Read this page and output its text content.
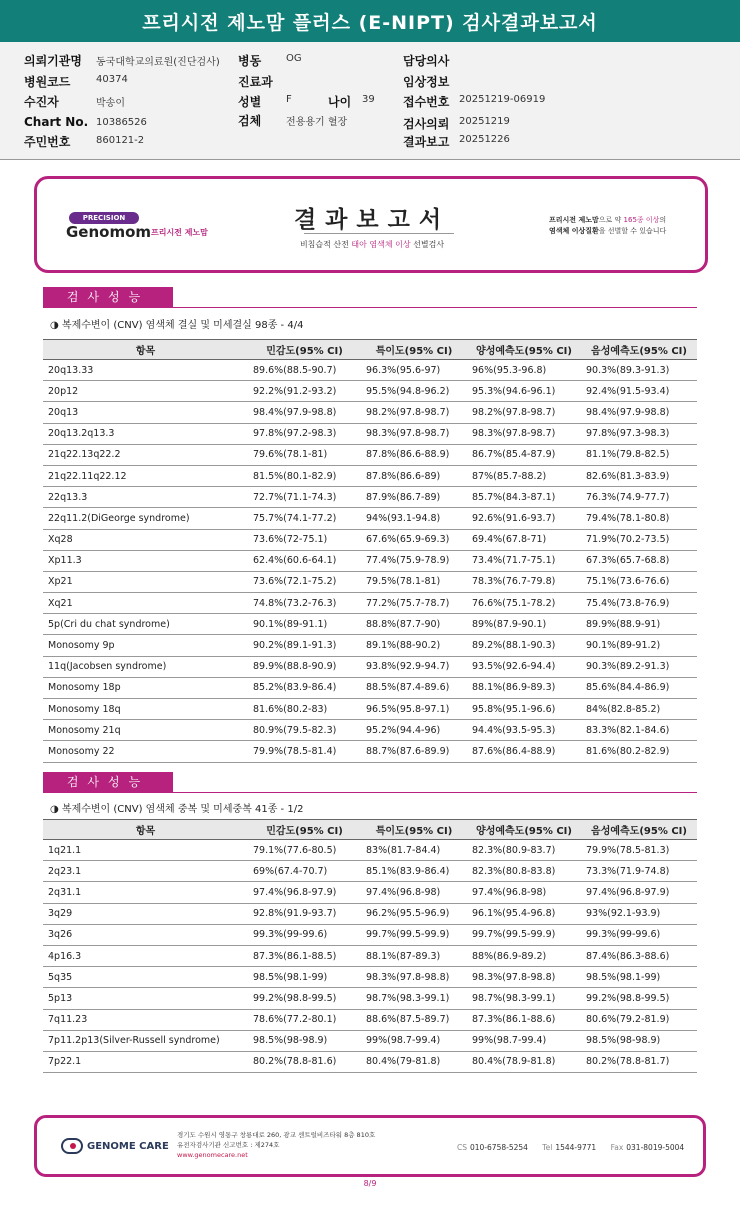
프리시전 제노맘 플러스 (E-NIPT) 검사결과보고서
의뢰기관명 동국대학교의료원(진단검사) 병동 OG	담당의사
병원코드	40374	진료과	임상정보
수진자	박송이	성별 F	나이 39 접수번호 20251219-06919
Chart No. 10386526	검체 전용용기 혈장	검사의뢰 20251219
주민번호	860121-2	결과보고 20251226
PRECISION
Genomom 프리시전 제노맘	결과보고서
비침습적 산전 태아 염색체 이상 선별검사
프리시전 제노맘으로 약 165종 이상의
염색체 이상질환을 선별할 수 있습니다
검사성능
◑ 복제수변이 (CNV) 염색체 결실 및 미세결실 98종 - 4/4
항목	민감도(95% CI)	특이도(95% CI)	양성예측도(95% CI)	음성예측도(95% CI)
20q13.33	89.6%(88.5-90.7)	96.3%(95.6-97)	96%(95.3-96.8)	90.3%(89.3-91.3)
20p12	92.2%(91.2-93.2)	95.5%(94.8-96.2)	95.3%(94.6-96.1)	92.4%(91.5-93.4)
20q13	98.4%(97.9-98.8)	98.2%(97.8-98.7)	98.2%(97.8-98.7)	98.4%(97.9-98.8)
20q13.2q13.3	97.8%(97.2-98.3)	98.3%(97.8-98.7)	98.3%(97.8-98.7)	97.8%(97.3-98.3)
21q22.13q22.2	79.6%(78.1-81)	87.8%(86.6-88.9)	86.7%(85.4-87.9)	81.1%(79.8-82.5)
21q22.11q22.12	81.5%(80.1-82.9)	87.8%(86.6-89)	87%(85.7-88.2)	82.6%(81.3-83.9)
22q13.3	72.7%(71.1-74.3)	87.9%(86.7-89)	85.7%(84.3-87.1)	76.3%(74.9-77.7)
22q11.2(DiGeorge syndrome)	75.7%(74.1-77.2)	94%(93.1-94.8)	92.6%(91.6-93.7)	79.4%(78.1-80.8)
Xq28	73.6%(72-75.1)	67.6%(65.9-69.3)	69.4%(67.8-71)	71.9%(70.2-73.5)
Xp11.3	62.4%(60.6-64.1)	77.4%(75.9-78.9)	73.4%(71.7-75.1)	67.3%(65.7-68.8)
Xp21	73.6%(72.1-75.2)	79.5%(78.1-81)	78.3%(76.7-79.8)	75.1%(73.6-76.6)
Xq21	74.8%(73.2-76.3)	77.2%(75.7-78.7)	76.6%(75.1-78.2)	75.4%(73.8-76.9)
5p(Cri du chat syndrome)	90.1%(89-91.1)	88.8%(87.7-90)	89%(87.9-90.1)	89.9%(88.9-91)
Monosomy 9p	90.2%(89.1-91.3)	89.1%(88-90.2)	89.2%(88.1-90.3)	90.1%(89-91.2)
11q(Jacobsen syndrome)	89.9%(88.8-90.9)	93.8%(92.9-94.7)	93.5%(92.6-94.4)	90.3%(89.2-91.3)
Monosomy 18p	85.2%(83.9-86.4)	88.5%(87.4-89.6)	88.1%(86.9-89.3)	85.6%(84.4-86.9)
Monosomy 18q	81.6%(80.2-83)	96.5%(95.8-97.1)	95.8%(95.1-96.6)	84%(82.8-85.2)
Monosomy 21q	80.9%(79.5-82.3)	95.2%(94.4-96)	94.4%(93.5-95.3)	83.3%(82.1-84.6)
Monosomy 22	79.9%(78.5-81.4)	88.7%(87.6-89.9)	87.6%(86.4-88.9)	81.6%(80.2-82.9)
검사성능
◑ 복제수변이 (CNV) 염색체 중복 및 미세중복 41종 - 1/2
항목	민감도(95% CI)	특이도(95% CI)	양성예측도(95% CI)	음성예측도(95% CI)
1q21.1	79.1%(77.6-80.5)	83%(81.7-84.4)	82.3%(80.9-83.7)	79.9%(78.5-81.3)
2q23.1	69%(67.4-70.7)	85.1%(83.9-86.4)	82.3%(80.8-83.8)	73.3%(71.9-74.8)
2q31.1	97.4%(96.8-97.9)	97.4%(96.8-98)	97.4%(96.8-98)	97.4%(96.8-97.9)
3q29	92.8%(91.9-93.7)	96.2%(95.5-96.9)	96.1%(95.4-96.8)	93%(92.1-93.9)
3q26	99.3%(99-99.6)	99.7%(99.5-99.9)	99.7%(99.5-99.9)	99.3%(99-99.6)
4p16.3	87.3%(86.1-88.5)	88.1%(87-89.3)	88%(86.9-89.2)	87.4%(86.3-88.6)
5q35	98.5%(98.1-99)	98.3%(97.8-98.8)	98.3%(97.8-98.8)	98.5%(98.1-99)
5p13	99.2%(98.8-99.5)	98.7%(98.3-99.1)	98.7%(98.3-99.1)	99.2%(98.8-99.5)
7q11.23	78.6%(77.2-80.1)	88.6%(87.5-89.7)	87.3%(86.1-88.6)	80.6%(79.2-81.9)
7p11.2p13(Silver-Russell syndrome)	98.5%(98-98.9)	99%(98.7-99.4)	99%(98.7-99.4)	98.5%(98-98.9)
7p22.1	80.2%(78.8-81.6)	80.4%(79-81.8)	80.4%(78.9-81.8)	80.2%(78.8-81.7)
GENOME CARE
경기도 수원시 영통구 창룡대로 260, 광교 센트럴비즈타워 8층 810호
유전자검사기관 신고번호 : 제274호
www.genomecare.net
CS 010-6758-5254 Tel 1544-9771 Fax 031-8019-5004
8/9
